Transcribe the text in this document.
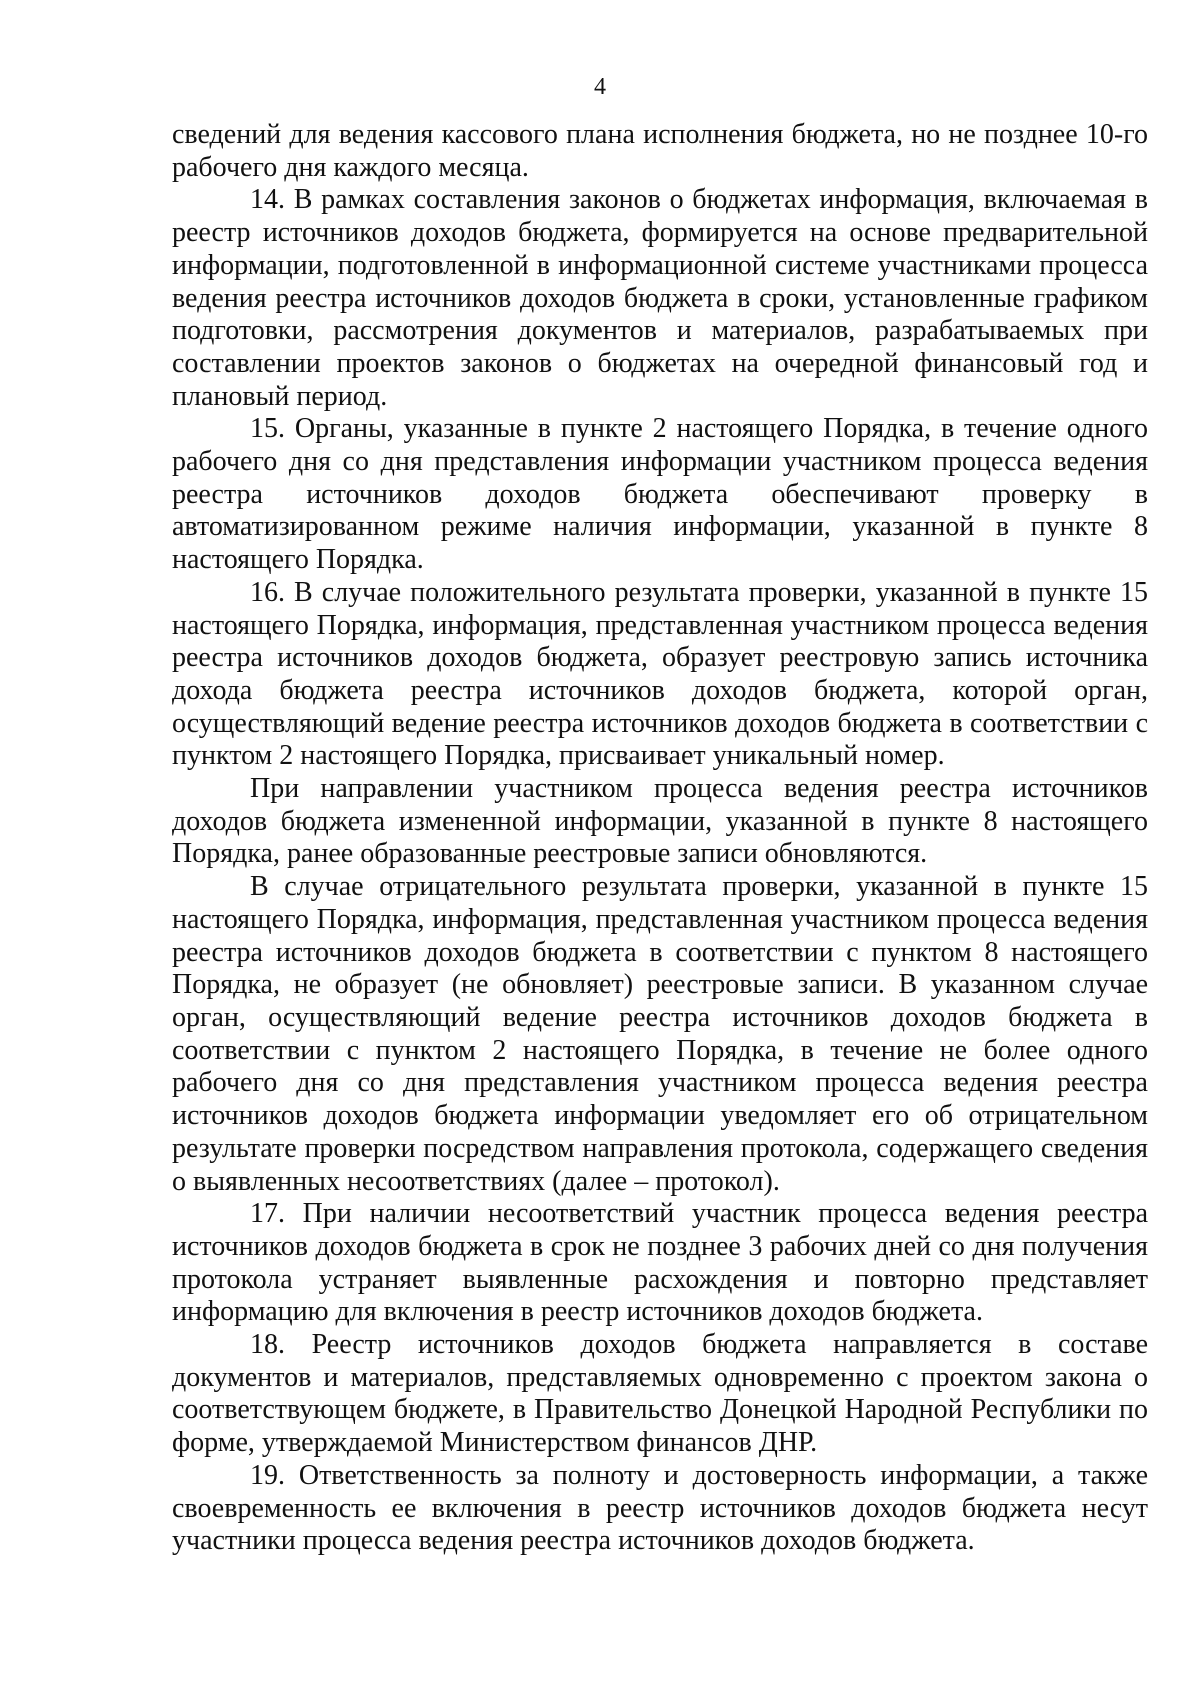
4

сведений для ведения кассового плана исполнения бюджета, но не позднее 10-го рабочего дня каждого месяца.

14. В рамках составления законов о бюджетах информация, включаемая в реестр источников доходов бюджета, формируется на основе предварительной информации, подготовленной в информационной системе участниками процесса ведения реестра источников доходов бюджета в сроки, установленные графиком подготовки, рассмотрения документов и материалов, разрабатываемых при составлении проектов законов о бюджетах на очередной финансовый год и плановый период.

15. Органы, указанные в пункте 2 настоящего Порядка, в течение одного рабочего дня со дня представления информации участником процесса ведения реестра источников доходов бюджета обеспечивают проверку в автоматизированном режиме наличия информации, указанной в пункте 8 настоящего Порядка.

16. В случае положительного результата проверки, указанной в пункте 15 настоящего Порядка, информация, представленная участником процесса ведения реестра источников доходов бюджета, образует реестровую запись источника дохода бюджета реестра источников доходов бюджета, которой орган, осуществляющий ведение реестра источников доходов бюджета в соответствии с пунктом 2 настоящего Порядка, присваивает уникальный номер.

При направлении участником процесса ведения реестра источников доходов бюджета измененной информации, указанной в пункте 8 настоящего Порядка, ранее образованные реестровые записи обновляются.

В случае отрицательного результата проверки, указанной в пункте 15 настоящего Порядка, информация, представленная участником процесса ведения реестра источников доходов бюджета в соответствии с пунктом 8 настоящего Порядка, не образует (не обновляет) реестровые записи. В указанном случае орган, осуществляющий ведение реестра источников доходов бюджета в соответствии с пунктом 2 настоящего Порядка, в течение не более одного рабочего дня со дня представления участником процесса ведения реестра источников доходов бюджета информации уведомляет его об отрицательном результате проверки посредством направления протокола, содержащего сведения о выявленных несоответствиях (далее – протокол).

17. При наличии несоответствий участник процесса ведения реестра источников доходов бюджета в срок не позднее 3 рабочих дней со дня получения протокола устраняет выявленные расхождения и повторно представляет информацию для включения в реестр источников доходов бюджета.

18. Реестр источников доходов бюджета направляется в составе документов и материалов, представляемых одновременно с проектом закона о соответствующем бюджете, в Правительство Донецкой Народной Республики по форме, утверждаемой Министерством финансов ДНР.

19. Ответственность за полноту и достоверность информации, а также своевременность ее включения в реестр источников доходов бюджета несут участники процесса ведения реестра источников доходов бюджета.
